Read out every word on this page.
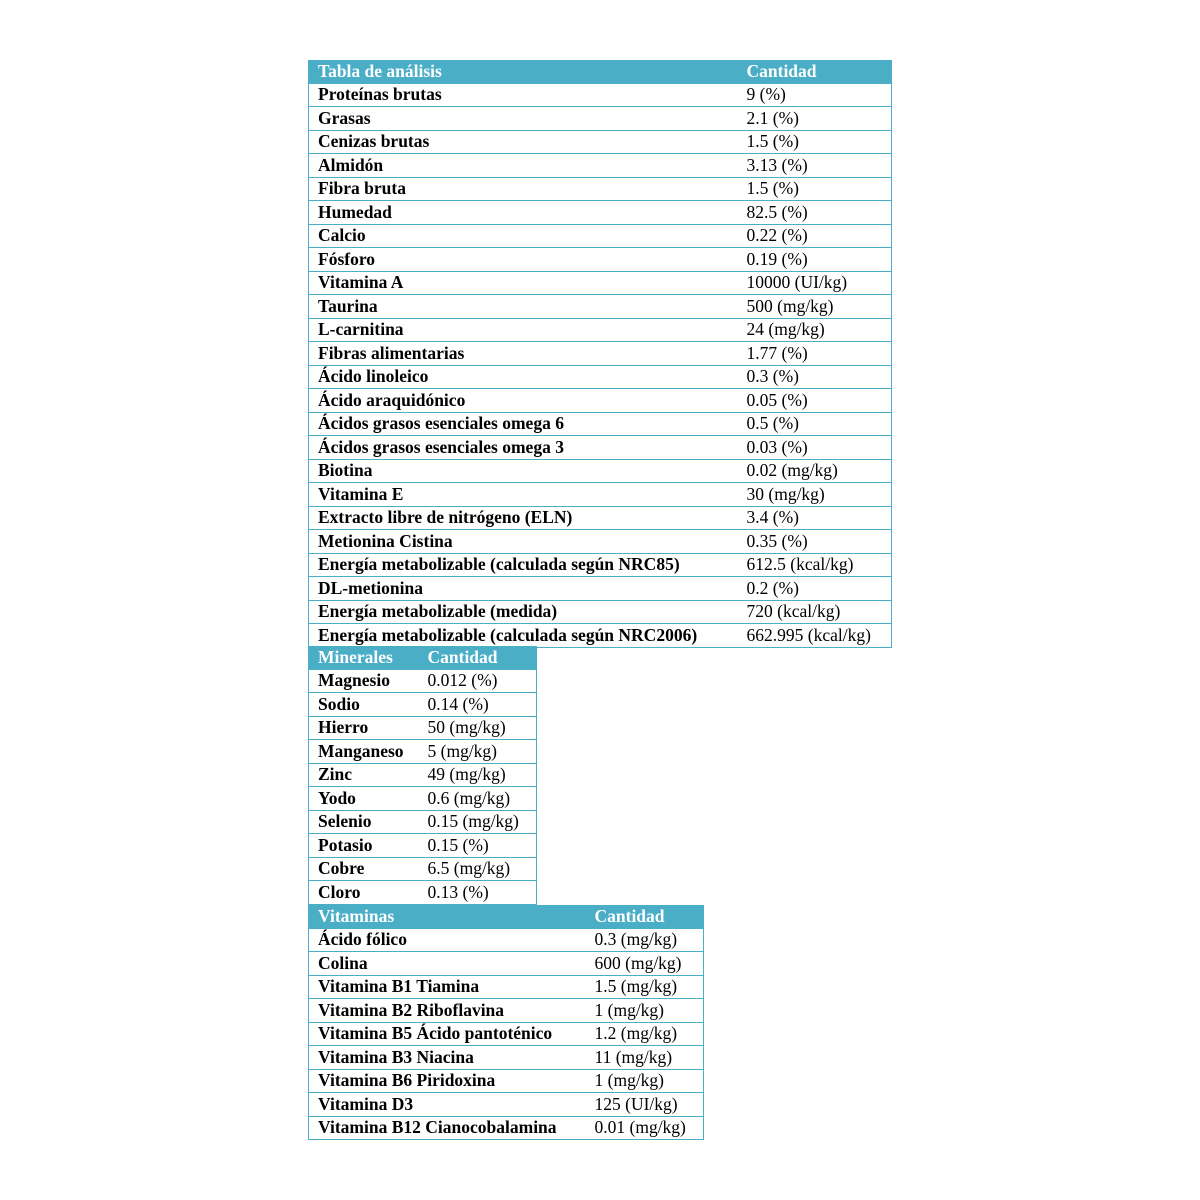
Tabla de análisis	Cantidad
Proteínas brutas	9 (%)
Grasas	2.1 (%)
Cenizas brutas	1.5 (%)
Almidón	3.13 (%)
Fibra bruta	1.5 (%)
Humedad	82.5 (%)
Calcio	0.22 (%)
Fósforo	0.19 (%)
Vitamina A	10000 (UI/kg)
Taurina	500 (mg/kg)
L-carnitina	24 (mg/kg)
Fibras alimentarias	1.77 (%)
Ácido linoleico	0.3 (%)
Ácido araquidónico	0.05 (%)
Ácidos grasos esenciales omega 6	0.5 (%)
Ácidos grasos esenciales omega 3	0.03 (%)
Biotina	0.02 (mg/kg)
Vitamina E	30 (mg/kg)
Extracto libre de nitrógeno (ELN)	3.4 (%)
Metionina Cistina	0.35 (%)
Energía metabolizable (calculada según NRC85)	612.5 (kcal/kg)
DL-metionina	0.2 (%)
Energía metabolizable (medida)	720 (kcal/kg)
Energía metabolizable (calculada según NRC2006)	662.995 (kcal/kg)
Minerales	Cantidad
Magnesio	0.012 (%)
Sodio	0.14 (%)
Hierro	50 (mg/kg)
Manganeso	5 (mg/kg)
Zinc	49 (mg/kg)
Yodo	0.6 (mg/kg)
Selenio	0.15 (mg/kg)
Potasio	0.15 (%)
Cobre	6.5 (mg/kg)
Cloro	0.13 (%)
Vitaminas	Cantidad
Ácido fólico	0.3 (mg/kg)
Colina	600 (mg/kg)
Vitamina B1 Tiamina	1.5 (mg/kg)
Vitamina B2 Riboflavina	1 (mg/kg)
Vitamina B5 Ácido pantoténico	1.2 (mg/kg)
Vitamina B3 Niacina	11 (mg/kg)
Vitamina B6 Piridoxina	1 (mg/kg)
Vitamina D3	125 (UI/kg)
Vitamina B12 Cianocobalamina	0.01 (mg/kg)
